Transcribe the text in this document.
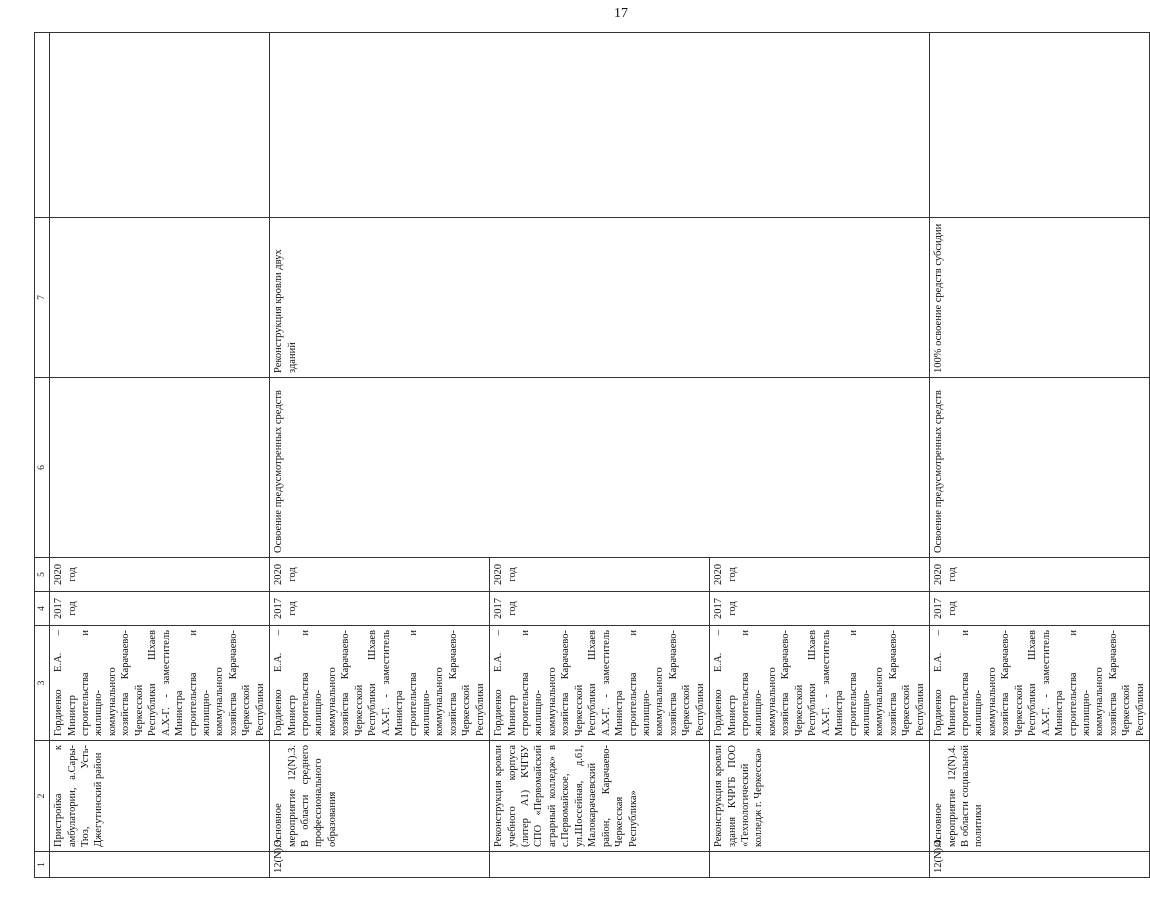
17
1	2	3	4	5	6	7	
	Пристройка к амбулатории, а.Сары-Тюз, Усть-Джегутинский район	Гордиенко Е.А. – Министр строительства и жилищно-коммунального хозяйства Карачаево-Черкесской Республики Шхаев А.Х-Г. - заместитель Министра строительства и жилищно-коммунального хозяйства Карачаево-Черкесской Республики	2017 год	2020 год			
12(N).3.	Основное мероприятие 12(N).3. В области среднего профессионального образования	Гордиенко Е.А. – Министр строительства и жилищно-коммунального хозяйства Карачаево-Черкесской Республики Шхаев А.Х-Г. - заместитель Министра строительства и жилищно-коммунального хозяйства Карачаево-Черкесской Республики	2017 год	2020 год	Освоение предусмотренных средств	Реконструкция кровли двух зданий	
	Реконструкция кровли учебного корпуса (литер А1) КЧГБУ СПО «Первомайский аграрный колледж» в с.Первомайское, ул.Шоссейная, д.61, Малокарачаевский район, Карачаево-Черкесская Республика»	Гордиенко Е.А. – Министр строительства и жилищно-коммунального хозяйства Карачаево-Черкесской Республики Шхаев А.Х-Г. - заместитель Министра строительства и жилищно-коммунального хозяйства Карачаево-Черкесской Республики	2017 год	2020 год			
	Реконструкция кровли здания КЧРГБ ПОО «Технологический колледж г. Черкесска»	Гордиенко Е.А. – Министр строительства и жилищно-коммунального хозяйства Карачаево-Черкесской Республики Шхаев А.Х-Г. - заместитель Министра строительства и жилищно-коммунального хозяйства Карачаево-Черкесской Республики	2017 год	2020 год			
12(N).4.	Основное мероприятие 12(N).4. В области социальной политики	Гордиенко Е.А. – Министр строительства и жилищно-коммунального хозяйства Карачаево-Черкесской Республики Шхаев А.Х-Г. - заместитель Министра строительства и жилищно-коммунального хозяйства Карачаево-Черкесской Республики	2017 год	2020 год	Освоение предусмотренных средств	100% освоение средств субсидии	
